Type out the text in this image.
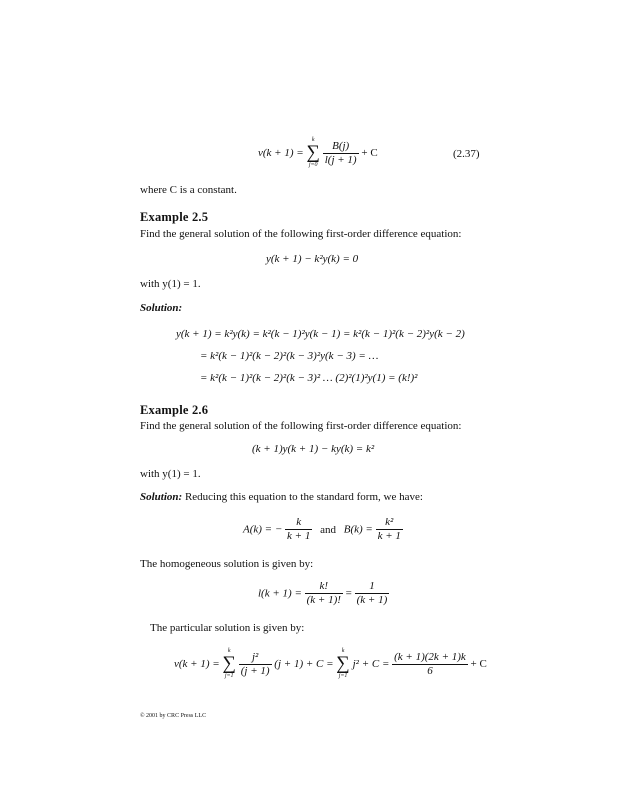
v(k + 1) =
k
∑
j=0
$\frac{B(j)}{l(j + 1)} + C$	(2.37)
where C is a constant.
Example 2.5
Find the general solution of the following first-order difference equation:
y(k + 1) − k²y(k) = 0
with y(1) = 1.
Solution:
y(k + 1) = k²y(k) = k²(k − 1)²y(k − 1) = k²(k − 1)²(k − 2)²y(k − 2)
= k²(k − 1)²(k − 2)²(k − 3)²y(k − 3) = …
= k²(k − 1)²(k − 2)²(k − 3)² … (2)²(1)²y(1) = (k!)²
Example 2.6
Find the general solution of the following first-order difference equation:
(k + 1)y(k + 1) − ky(k) = k²
with y(1) = 1.
Solution: Reducing this equation to the standard form, we have:
A(k) = − $\frac{k}{k + 1}$ and $B(k) = \frac{\text{k²}}{k + 1}$
The homogeneous solution is given by:
$l(k + 1) = \frac{k!}{(k + 1)!} = \frac{1}{(k + 1)}$
The particular solution is given by:
v(k + 1) =
k
∑
j=1
$\frac{\text{j²}}{(j + 1)} (j + 1) + C$ =
k
∑
j=1
$j^2 + C = \frac{(k + 1)(2k + 1)k}{6} + C$
© 2001 by CRC Press LLC
